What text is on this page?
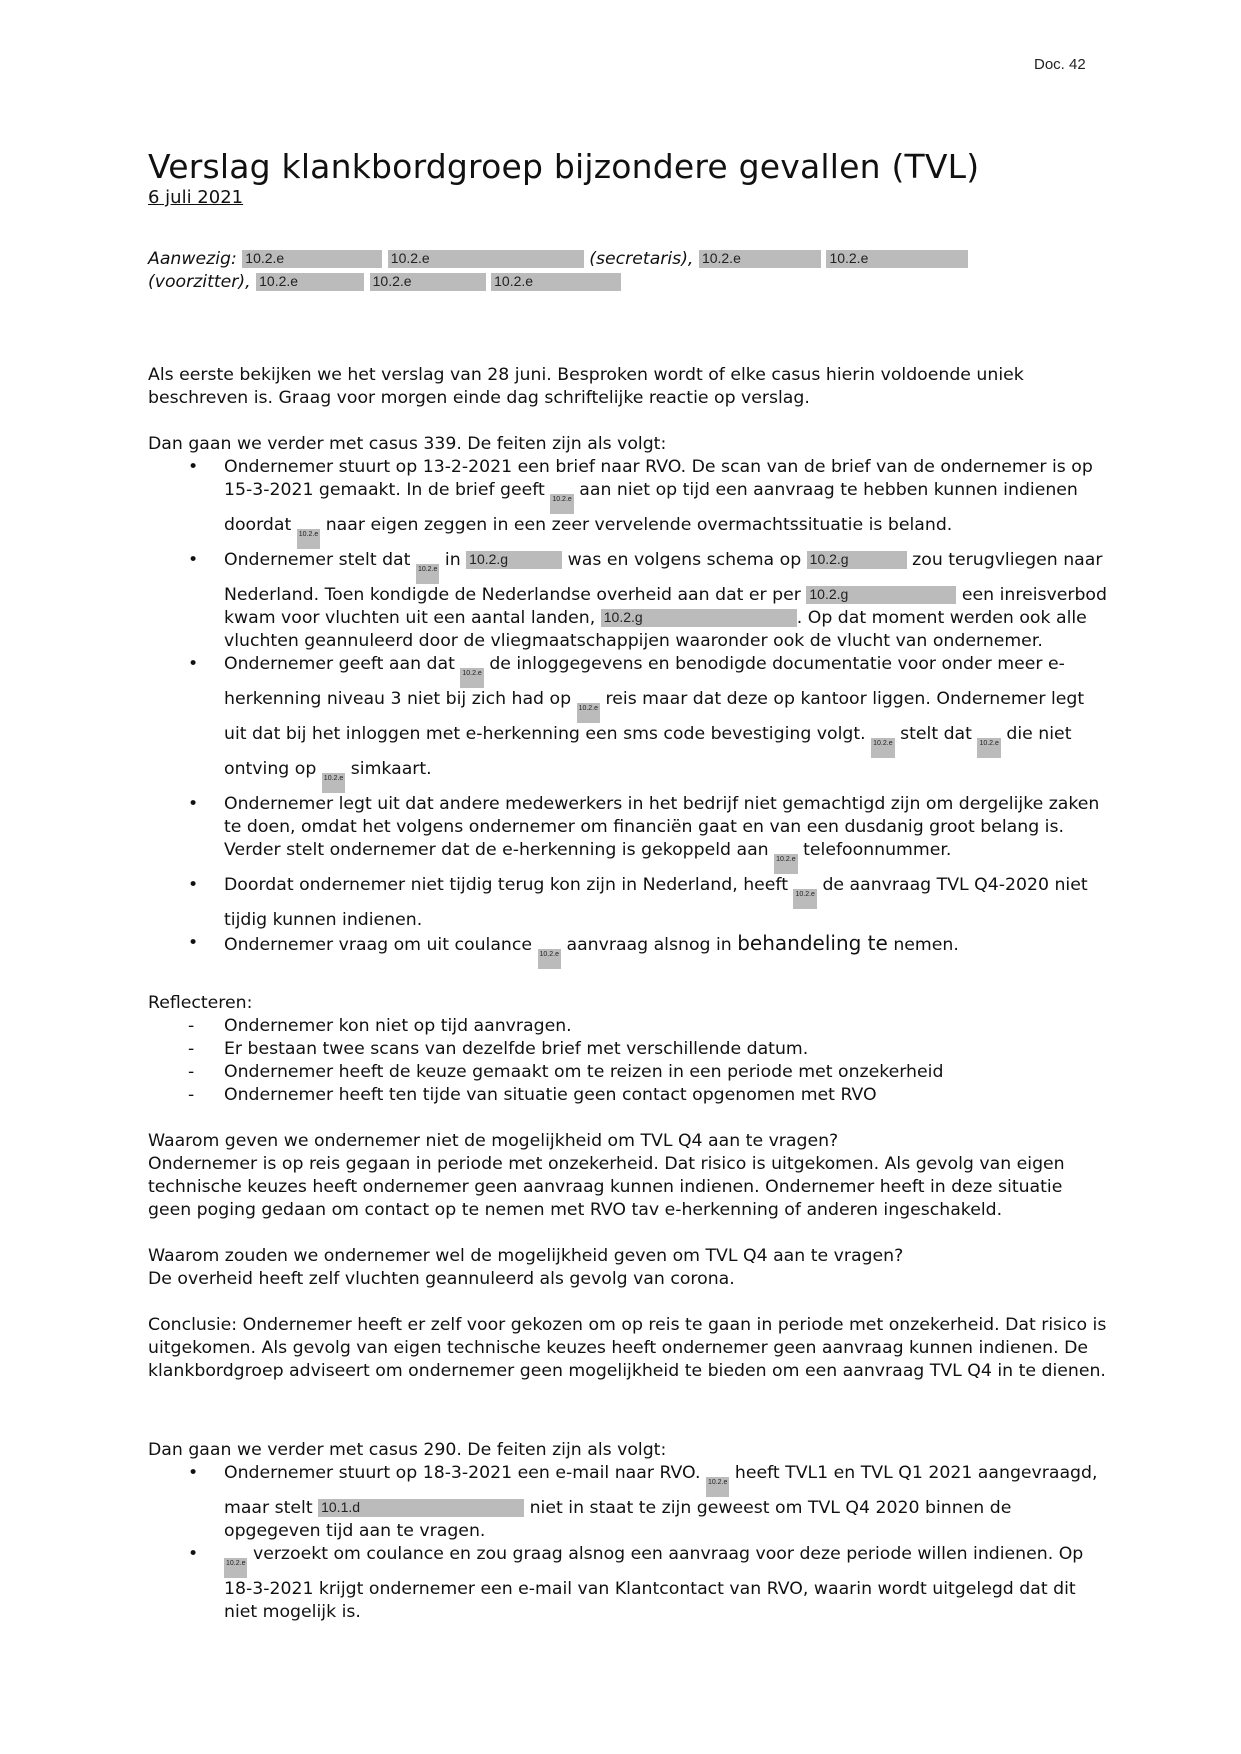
Doc. 42
Verslag klankbordgroep bijzondere gevallen (TVL)

6 juli 2021

Aanwezig: 10.2.e	10.2.e	(secretaris), 10.2.e	10.2.e
(voorzitter), 10.2.e	10.2.e	10.2.e

Als eerste bekijken we het verslag van 28 juni. Besproken wordt of elke casus hierin voldoende uniek beschreven is. Graag voor morgen einde dag schriftelijke reactie op verslag.

Dan gaan we verder met casus 339. De feiten zijn als volgt:

• Ondernemer stuurt op 13-2-2021 een brief naar RVO. De scan van de brief van de ondernemer is op 15-3-2021 gemaakt. In de brief geeft 10.2.e aan niet op tijd een aanvraag te hebben kunnen indienen doordat 10.2.e naar eigen zeggen in een zeer vervelende overmachtssituatie is beland.
• Ondernemer stelt dat 10.2.e in 10.2.g	was en volgens schema op 10.2.g	zou terugvliegen naar Nederland. Toen kondigde de Nederlandse overheid aan dat er per 10.2.g	een inreisverbod kwam voor vluchten uit een aantal landen, 10.2.g	. Op dat moment werden ook alle vluchten geannuleerd door de vliegmaatschappijen waaronder ook de vlucht van ondernemer.
• Ondernemer geeft aan dat 10.2.e de inloggegevens en benodigde documentatie voor onder meer e-herkenning niveau 3 niet bij zich had op 10.2.e reis maar dat deze op kantoor liggen. Ondernemer legt uit dat bij het inloggen met e-herkenning een sms code bevestiging volgt. 10.2.e stelt dat 10.2.e die niet ontving op 10.2.e simkaart.
• Ondernemer legt uit dat andere medewerkers in het bedrijf niet gemachtigd zijn om dergelijke zaken te doen, omdat het volgens ondernemer om financiën gaat en van een dusdanig groot belang is. Verder stelt ondernemer dat de e-herkenning is gekoppeld aan 10.2.e telefoonnummer.
• Doordat ondernemer niet tijdig terug kon zijn in Nederland, heeft 10.2.e de aanvraag TVL Q4-2020 niet tijdig kunnen indienen.
• Ondernemer vraag om uit coulance 10.2.e aanvraag alsnog in behandeling te nemen.

Reflecteren:

- Ondernemer kon niet op tijd aanvragen.
- Er bestaan twee scans van dezelfde brief met verschillende datum.
- Ondernemer heeft de keuze gemaakt om te reizen in een periode met onzekerheid
- Ondernemer heeft ten tijde van situatie geen contact opgenomen met RVO

Waarom geven we ondernemer niet de mogelijkheid om TVL Q4 aan te vragen?

Ondernemer is op reis gegaan in periode met onzekerheid. Dat risico is uitgekomen. Als gevolg van eigen technische keuzes heeft ondernemer geen aanvraag kunnen indienen. Ondernemer heeft in deze situatie geen poging gedaan om contact op te nemen met RVO tav e-herkenning of anderen ingeschakeld.

Waarom zouden we ondernemer wel de mogelijkheid geven om TVL Q4 aan te vragen?

De overheid heeft zelf vluchten geannuleerd als gevolg van corona.

Conclusie: Ondernemer heeft er zelf voor gekozen om op reis te gaan in periode met onzekerheid. Dat risico is uitgekomen. Als gevolg van eigen technische keuzes heeft ondernemer geen aanvraag kunnen indienen. De klankbordgroep adviseert om ondernemer geen mogelijkheid te bieden om een aanvraag TVL Q4 in te dienen.

Dan gaan we verder met casus 290. De feiten zijn als volgt:

• Ondernemer stuurt op 18-3-2021 een e-mail naar RVO. 10.2.e heeft TVL1 en TVL Q1 2021 aangevraagd, maar stelt 10.1.d	niet in staat te zijn geweest om TVL Q4 2020 binnen de opgegeven tijd aan te vragen.
• 10.2.e verzoekt om coulance en zou graag alsnog een aanvraag voor deze periode willen indienen. Op 18-3-2021 krijgt ondernemer een e-mail van Klantcontact van RVO, waarin wordt uitgelegd dat dit niet mogelijk is.
